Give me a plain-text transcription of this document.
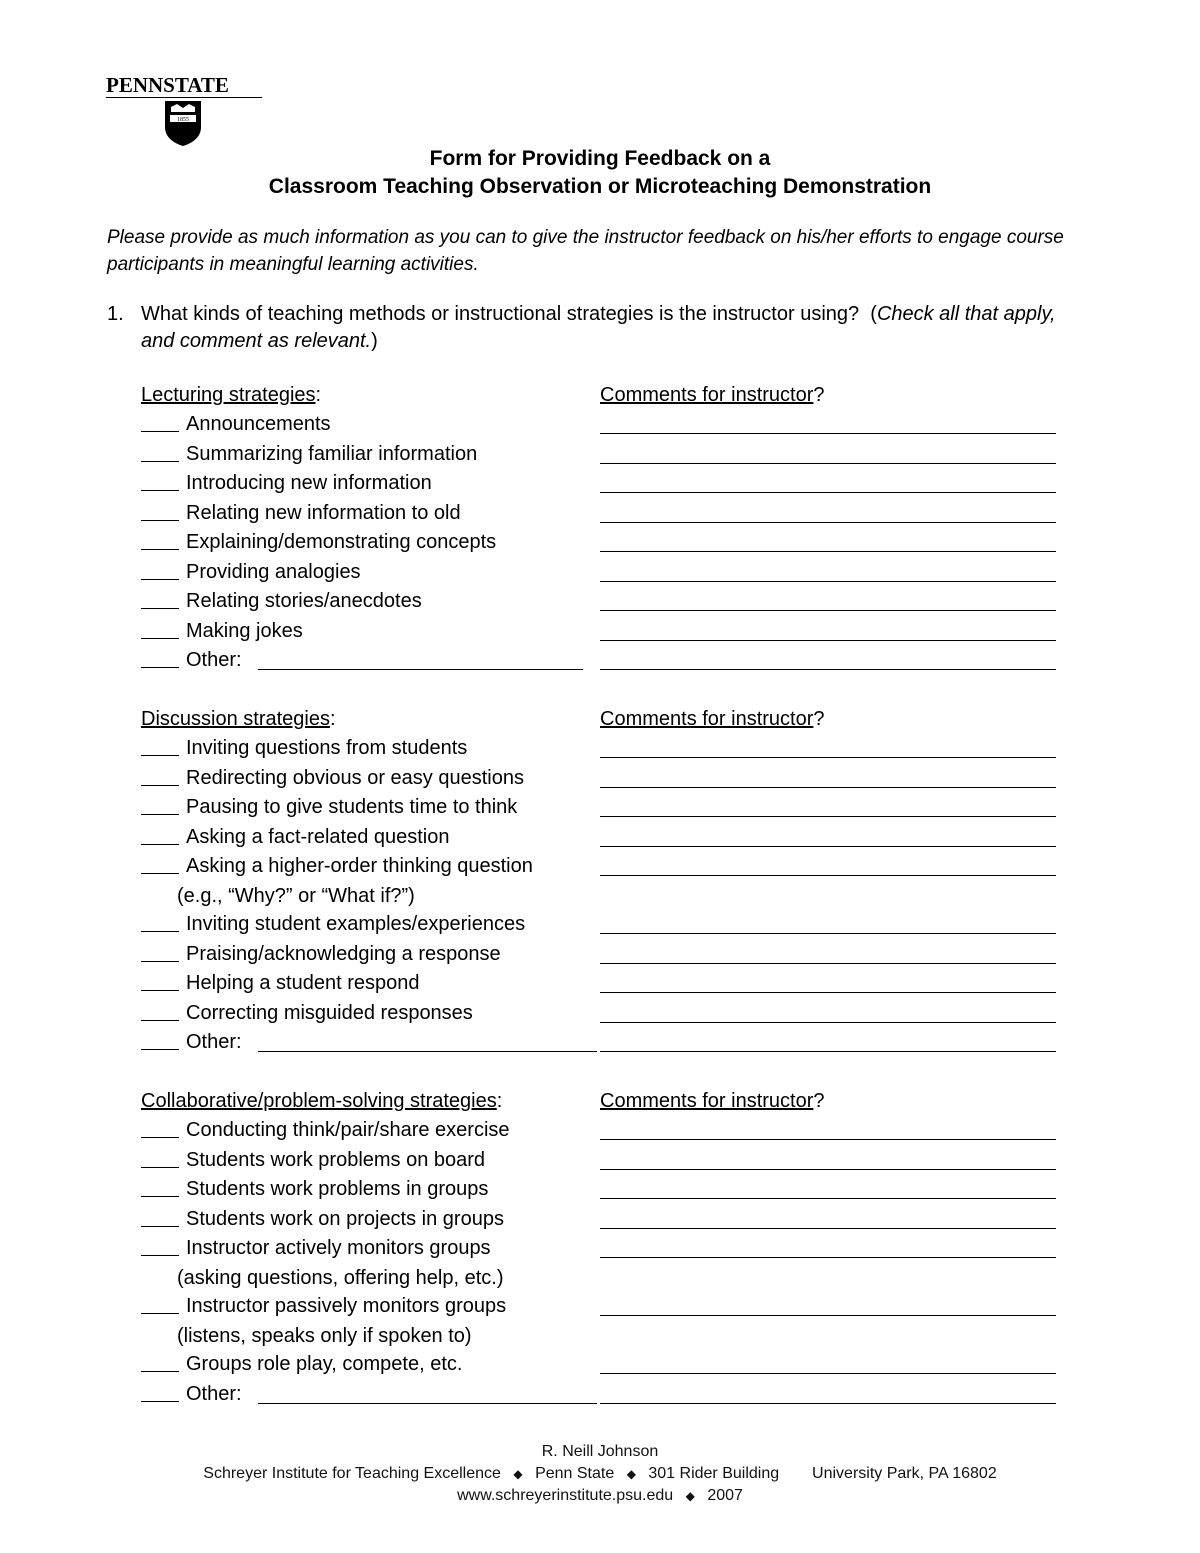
PENNSTATE
1855
Form for Providing Feedback on a
Classroom Teaching Observation or Microteaching Demonstration
Please provide as much information as you can to give the instructor feedback on his/her efforts to engage course participants in meaningful learning activities.
1. What kinds of teaching methods or instructional strategies is the instructor using? (Check all that apply, and comment as relevant.)
Lecturing strategies:	Comments for instructor?
Announcements
Summarizing familiar information
Introducing new information
Relating new information to old
Explaining/demonstrating concepts
Providing analogies
Relating stories/anecdotes
Making jokes
Other:
Discussion strategies:	Comments for instructor?
Inviting questions from students
Redirecting obvious or easy questions
Pausing to give students time to think
Asking a fact-related question
Asking a higher-order thinking question
(e.g., “Why?” or “What if?”)
Inviting student examples/experiences
Praising/acknowledging a response
Helping a student respond
Correcting misguided responses
Other:
Collaborative/problem-solving strategies:	Comments for instructor?
Conducting think/pair/share exercise
Students work problems on board
Students work problems in groups
Students work on projects in groups
Instructor actively monitors groups
(asking questions, offering help, etc.)
Instructor passively monitors groups
(listens, speaks only if spoken to)
Groups role play, compete, etc.
Other:
R. Neill Johnson
Schreyer Institute for Teaching Excellence ◆ Penn State ◆ 301 Rider Building University Park, PA 16802
www.schreyerinstitute.psu.edu ◆ 2007
